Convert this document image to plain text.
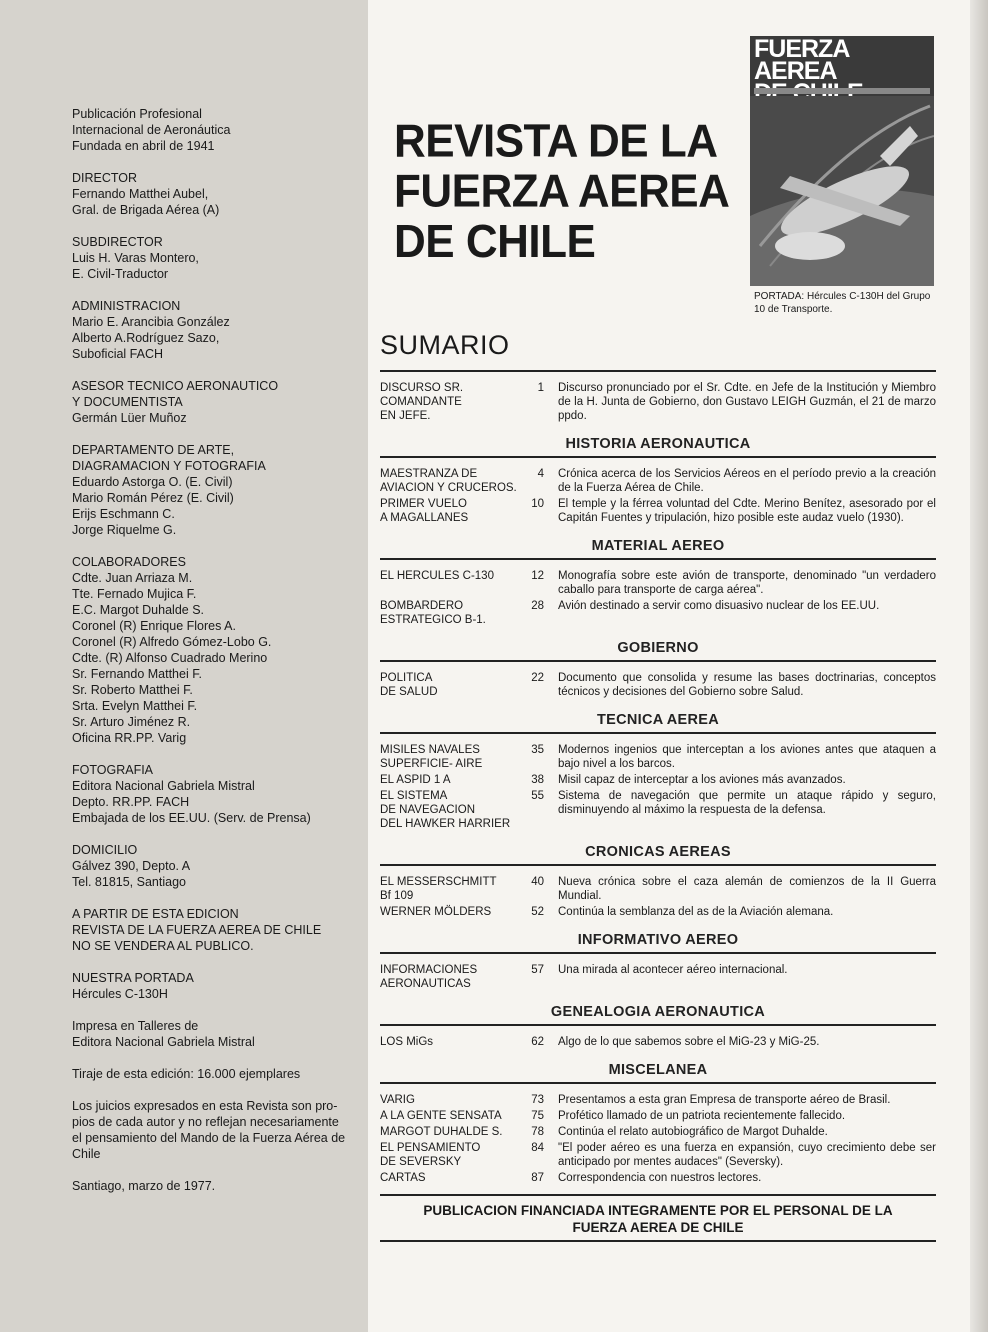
Publicación Profesional
Internacional de Aeronáutica
Fundada en abril de 1941
DIRECTOR
Fernando Matthei Aubel,
Gral. de Brigada Aérea (A)
SUBDIRECTOR
Luis H. Varas Montero,
E. Civil-Traductor
ADMINISTRACION
Mario E. Arancibia González
Alberto A.Rodríguez Sazo,
Suboficial FACH
ASESOR TECNICO AERONAUTICO
Y DOCUMENTISTA
Germán Lüer Muñoz
DEPARTAMENTO DE ARTE,
DIAGRAMACION Y FOTOGRAFIA
Eduardo Astorga O. (E. Civil)
Mario Román Pérez (E. Civil)
Erijs Eschmann C.
Jorge Riquelme G.
COLABORADORES
Cdte. Juan Arriaza M.
Tte. Fernado Mujica F.
E.C. Margot Duhalde S.
Coronel (R) Enrique Flores A.
Coronel (R) Alfredo Gómez-Lobo G.
Cdte. (R) Alfonso Cuadrado Merino
Sr. Fernando Matthei F.
Sr. Roberto Matthei F.
Srta. Evelyn Matthei F.
Sr. Arturo Jiménez R.
Oficina RR.PP. Varig
FOTOGRAFIA
Editora Nacional Gabriela Mistral
Depto. RR.PP. FACH
Embajada de los EE.UU. (Serv. de Prensa)
DOMICILIO
Gálvez 390, Depto. A
Tel. 81815, Santiago
A PARTIR DE ESTA EDICION
REVISTA DE LA FUERZA AEREA DE CHILE
NO SE VENDERA AL PUBLICO.
NUESTRA PORTADA
Hércules C-130H
Impresa en Talleres de
Editora Nacional Gabriela Mistral
Tiraje de esta edición: 16.000 ejemplares
Los juicios expresados en esta Revista son pro-
pios de cada autor y no reflejan necesariamente
el pensamiento del Mando de la Fuerza Aérea de
Chile
Santiago, marzo de 1977.
REVISTA DE LA
FUERZA AEREA
DE CHILE
FUERZA AEREA
PORTADA: Hércules C-130H del Grupo
10 de Transporte.
SUMARIO
DISCURSO SR.
COMANDANTE
EN JEFE.
1 Discurso pronunciado por el Sr. Cdte. en Jefe de la Institución y Miembro de la H. Junta de Gobierno, don Gustavo LEIGH Guzmán, el 21 de marzo ppdo.
HISTORIA AERONAUTICA
MAESTRANZA DE
AVIACION Y CRUCEROS.
4 Crónica acerca de los Servicios Aéreos en el período previo a la creación de la Fuerza Aérea de Chile.
PRIMER VUELO
A MAGALLANES
10 El temple y la férrea voluntad del Cdte. Merino Benítez, asesorado por el Capitán Fuentes y tripulación, hizo posible este audaz vuelo (1930).
MATERIAL AEREO
EL HERCULES C-130	12 Monografía sobre este avión de transporte, denominado "un verdadero caballo para transporte de carga aérea".
BOMBARDERO
ESTRATEGICO B-1.
28 Avión destinado a servir como disuasivo nuclear de los EE.UU.
GOBIERNO
POLITICA
DE SALUD
22 Documento que consolida y resume las bases doctrinarias, conceptos técnicos y decisiones del Gobierno sobre Salud.
TECNICA AEREA
MISILES NAVALES
SUPERFICIE- AIRE
35 Modernos ingenios que interceptan a los aviones antes que ataquen a bajo nivel a los barcos.
EL ASPID 1 A	38 Misil capaz de interceptar a los aviones más avanzados.
EL SISTEMA
DE NAVEGACION
DEL HAWKER HARRIER
55 Sistema de navegación que permite un ataque rápido y seguro, disminuyendo al máximo la respuesta de la defensa.
CRONICAS AEREAS
EL MESSERSCHMITT
Bf 109
40 Nueva crónica sobre el caza alemán de comienzos de la II Guerra Mundial.
WERNER MÖLDERS	52 Continúa la semblanza del as de la Aviación alemana.
INFORMATIVO AEREO
INFORMACIONES
AERONAUTICAS
57 Una mirada al acontecer aéreo internacional.
GENEALOGIA AERONAUTICA
LOS MiGs	62 Algo de lo que sabemos sobre el MiG-23 y MiG-25.
MISCELANEA
VARIG	73 Presentamos a esta gran Empresa de transporte aéreo de Brasil.
A LA GENTE SENSATA	75 Profético llamado de un patriota recientemente fallecido.
MARGOT DUHALDE S.	78 Continúa el relato autobiográfico de Margot Duhalde.
EL PENSAMIENTO
DE SEVERSKY
84 "El poder aéreo es una fuerza en expansión, cuyo crecimiento debe ser anticipado por mentes audaces" (Seversky).
CARTAS	87 Correspondencia con nuestros lectores.
PUBLICACION FINANCIADA INTEGRAMENTE POR EL PERSONAL DE LA
FUERZA AEREA DE CHILE
